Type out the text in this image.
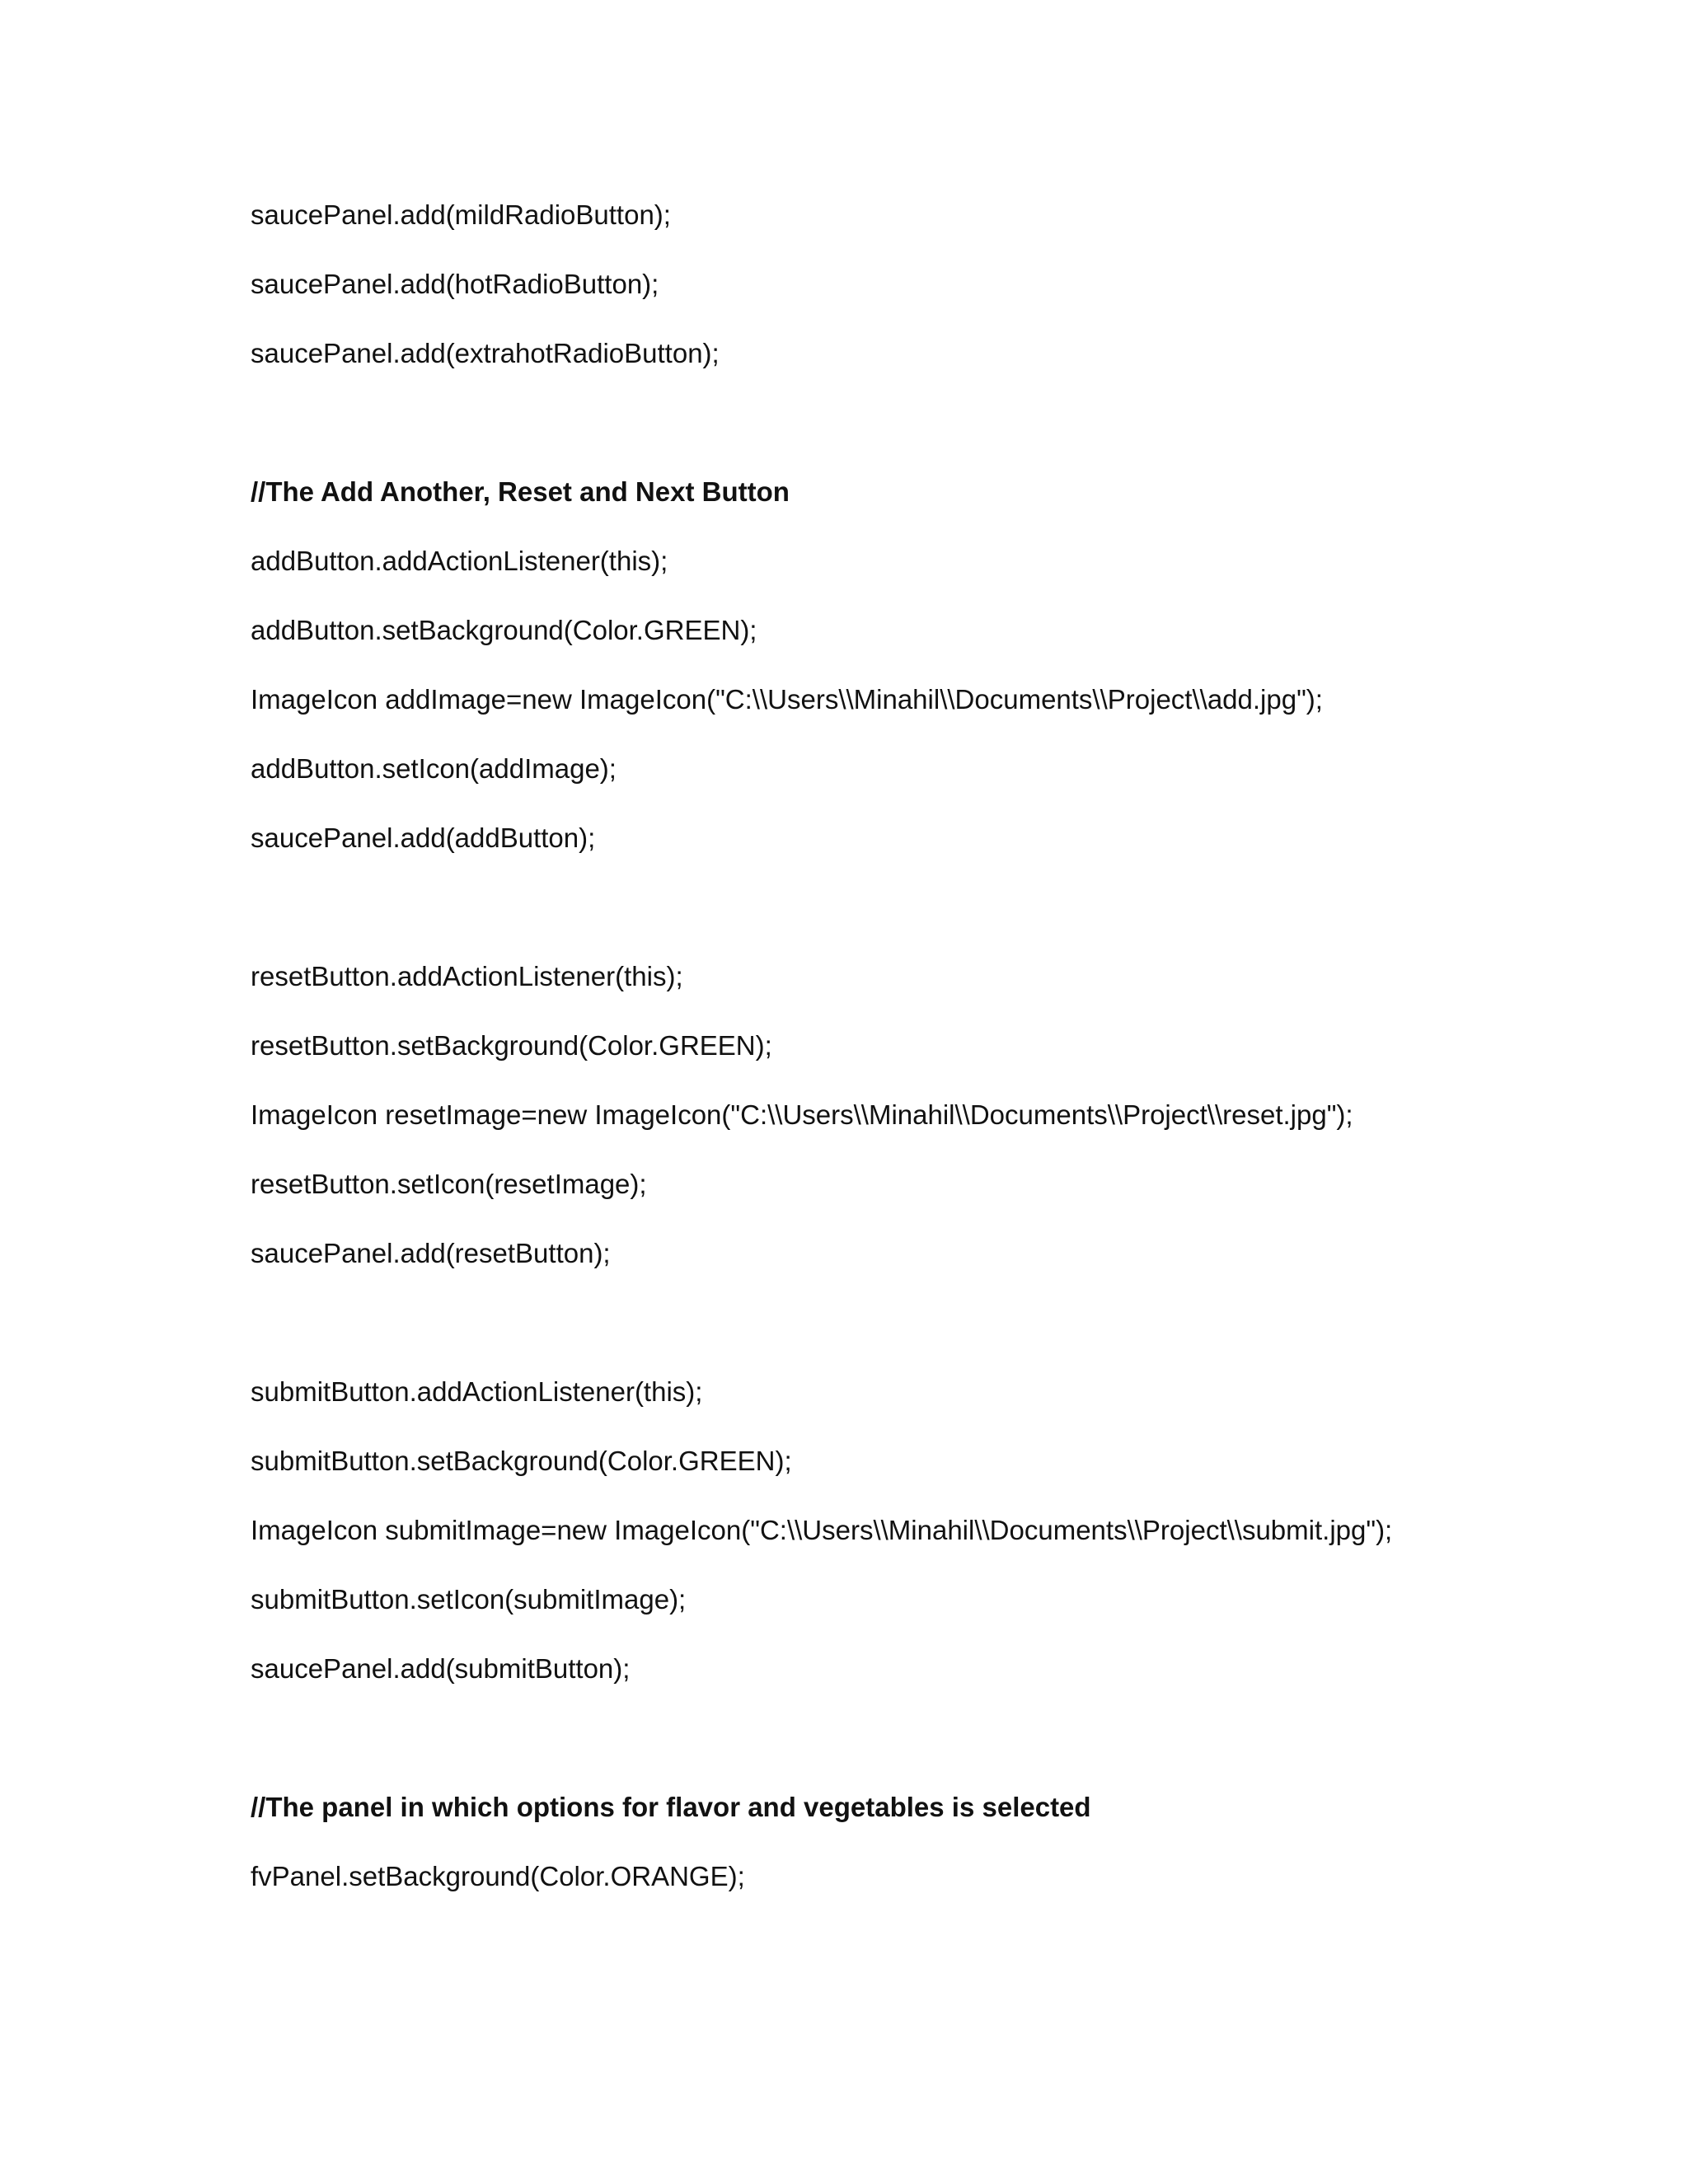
saucePanel.add(mildRadioButton);
saucePanel.add(hotRadioButton);
saucePanel.add(extrahotRadioButton);
//The Add Another, Reset and Next Button
addButton.addActionListener(this);
addButton.setBackground(Color.GREEN);
ImageIcon addImage=new ImageIcon("C:\\Users\\Minahil\\Documents\\Project\\add.jpg");
addButton.setIcon(addImage);
saucePanel.add(addButton);
resetButton.addActionListener(this);
resetButton.setBackground(Color.GREEN);
ImageIcon resetImage=new ImageIcon("C:\\Users\\Minahil\\Documents\\Project\\reset.jpg");
resetButton.setIcon(resetImage);
saucePanel.add(resetButton);
submitButton.addActionListener(this);
submitButton.setBackground(Color.GREEN);
ImageIcon submitImage=new ImageIcon("C:\\Users\\Minahil\\Documents\\Project\\submit.jpg");
submitButton.setIcon(submitImage);
saucePanel.add(submitButton);
//The panel in which options for flavor and vegetables is selected
fvPanel.setBackground(Color.ORANGE);
